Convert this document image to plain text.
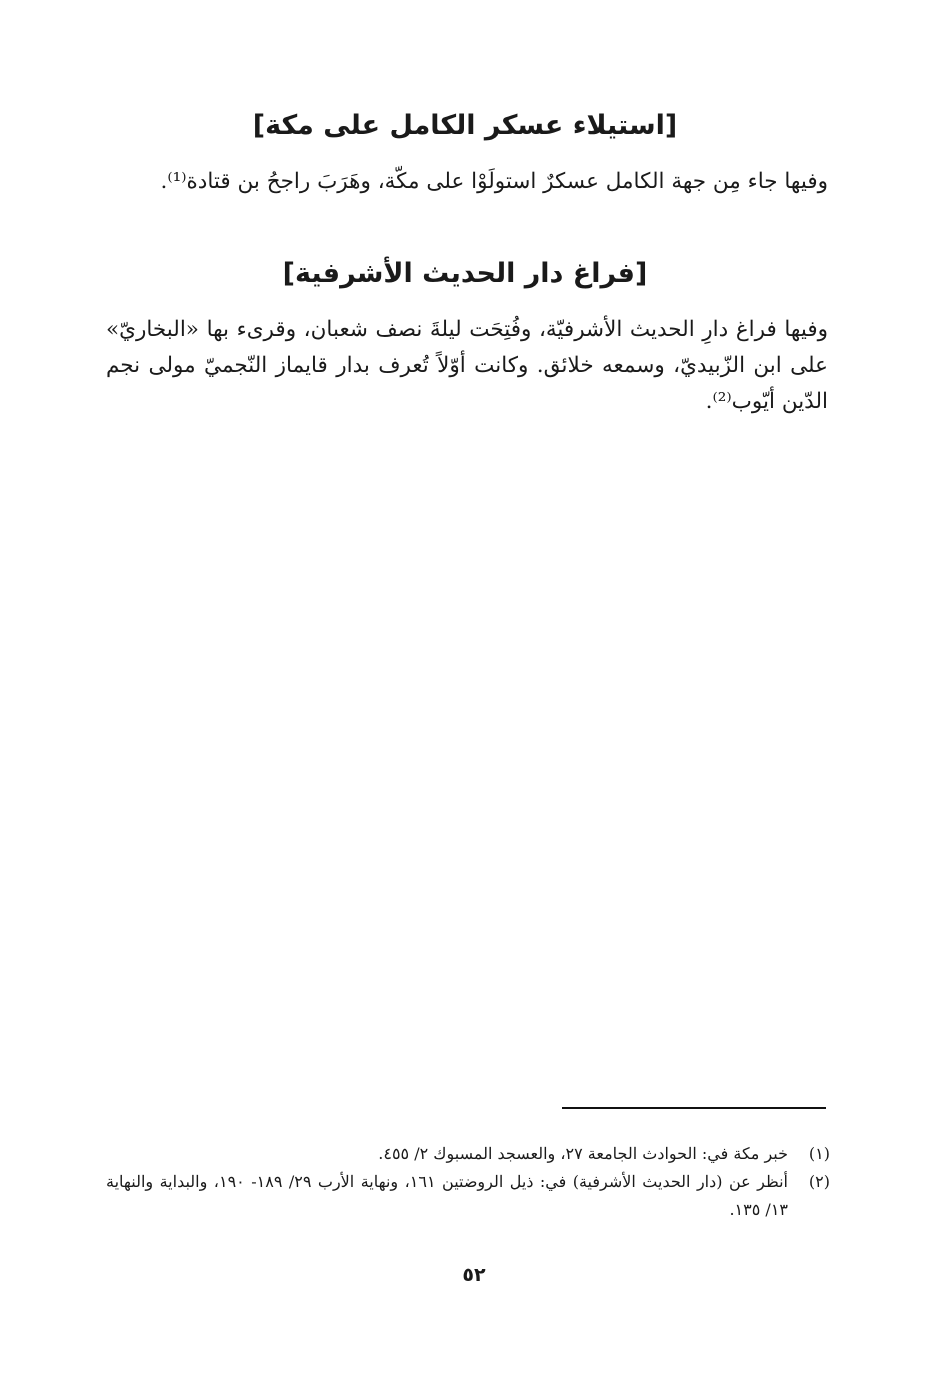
[استيلاء عسكر الكامل على مكة]

وفيها جاء مِن جهة الكامل عسكرٌ استولَوْا على مكّة، وهَرَبَ راجحُ بن قتادة⁽¹⁾.

[فراغ دار الحديث الأشرفية]

وفيها فراغ دارِ الحديث الأشرفيّة، وفُتِحَت ليلةَ نصف شعبان، وقرىء بها «البخاريّ» على ابن الزّبيديّ، وسمعه خلائق. وكانت أوّلاً تُعرف بدار قايماز النّجميّ مولى نجم الدّين أيّوب⁽²⁾.

(١)
خبر مكة في: الحوادث الجامعة ٢٧، والعسجد المسبوك ٢/ ٤٥٥.
(٢)
أنظر عن (دار الحديث الأشرفية) في: ذيل الروضتين ١٦١، ونهاية الأرب ٢٩/ ١٨٩- ١٩٠، والبداية والنهاية ١٣/ ١٣٥.
٥٢
